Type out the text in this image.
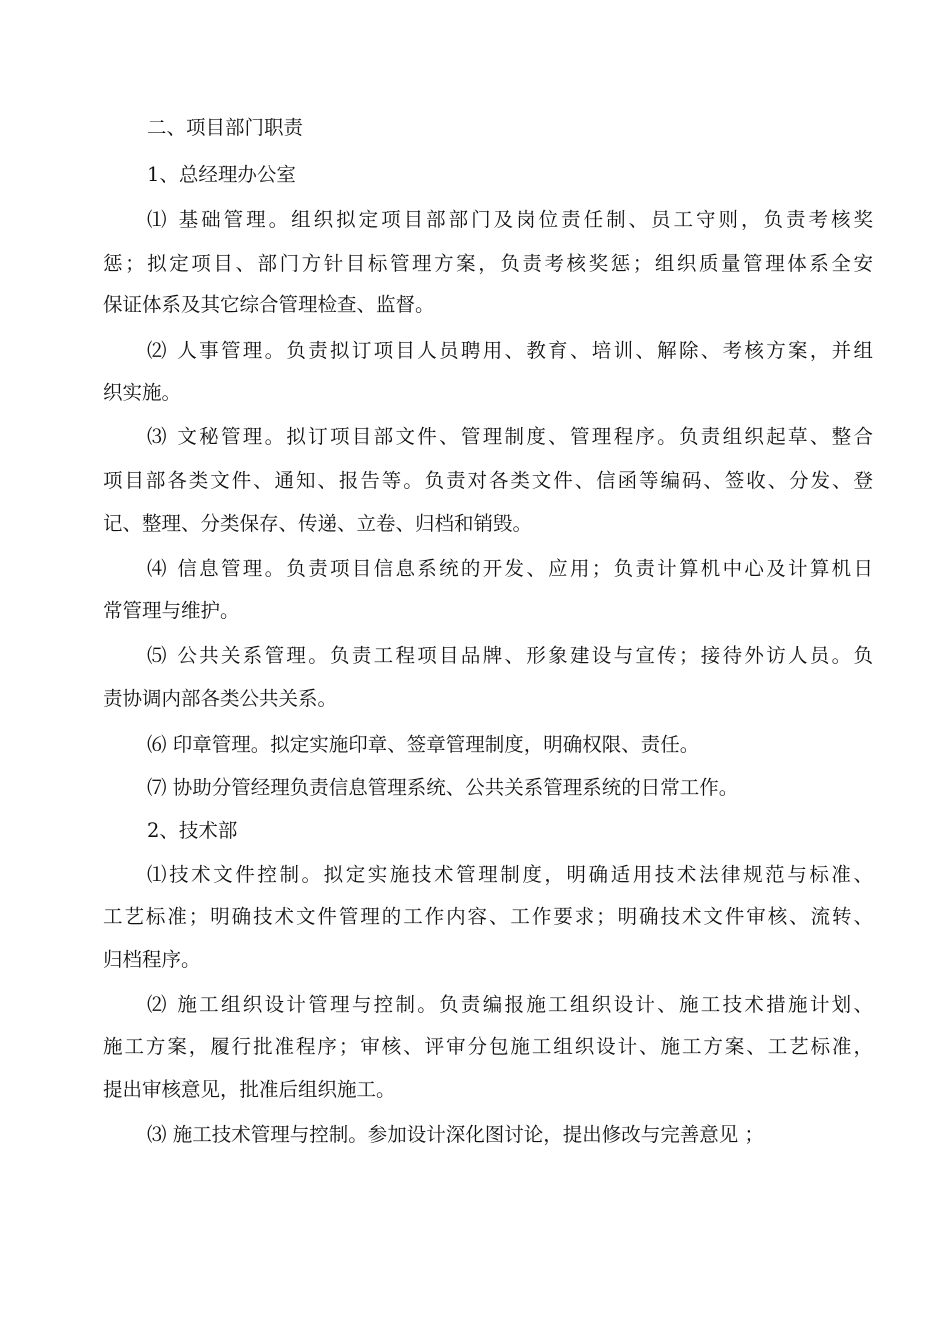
二、项目部门职责
1、总经理办公室
⑴ 基础管理。组织拟定项目部部门及岗位责任制、员工守则，负责考核奖
惩；拟定项目、部门方针目标管理方案，负责考核奖惩；组织质量管理体系全安
保证体系及其它综合管理检查、监督。
⑵ 人事管理。负责拟订项目人员聘用、教育、培训、解除、考核方案，并组
织实施。
⑶ 文秘管理。拟订项目部文件、管理制度、管理程序。负责组织起草、整合
项目部各类文件、通知、报告等。负责对各类文件、信函等编码、签收、分发、登
记、整理、分类保存、传递、立卷、归档和销毁。
⑷ 信息管理。负责项目信息系统的开发、应用；负责计算机中心及计算机日
常管理与维护。
⑸ 公共关系管理。负责工程项目品牌、形象建设与宣传；接待外访人员。负
责协调内部各类公共关系。
⑹ 印章管理。拟定实施印章、签章管理制度，明确权限、责任。
⑺ 协助分管经理负责信息管理系统、公共关系管理系统的日常工作。
2、技术部
⑴技术文件控制。拟定实施技术管理制度，明确适用技术法律规范与标准、
工艺标准；明确技术文件管理的工作内容、工作要求；明确技术文件审核、流转、
归档程序。
⑵ 施工组织设计管理与控制。负责编报施工组织设计、施工技术措施计划、
施工方案，履行批准程序；审核、评审分包施工组织设计、施工方案、工艺标准，
提出审核意见，批准后组织施工。
⑶ 施工技术管理与控制。参加设计深化图讨论，提出修改与完善意见 ；
